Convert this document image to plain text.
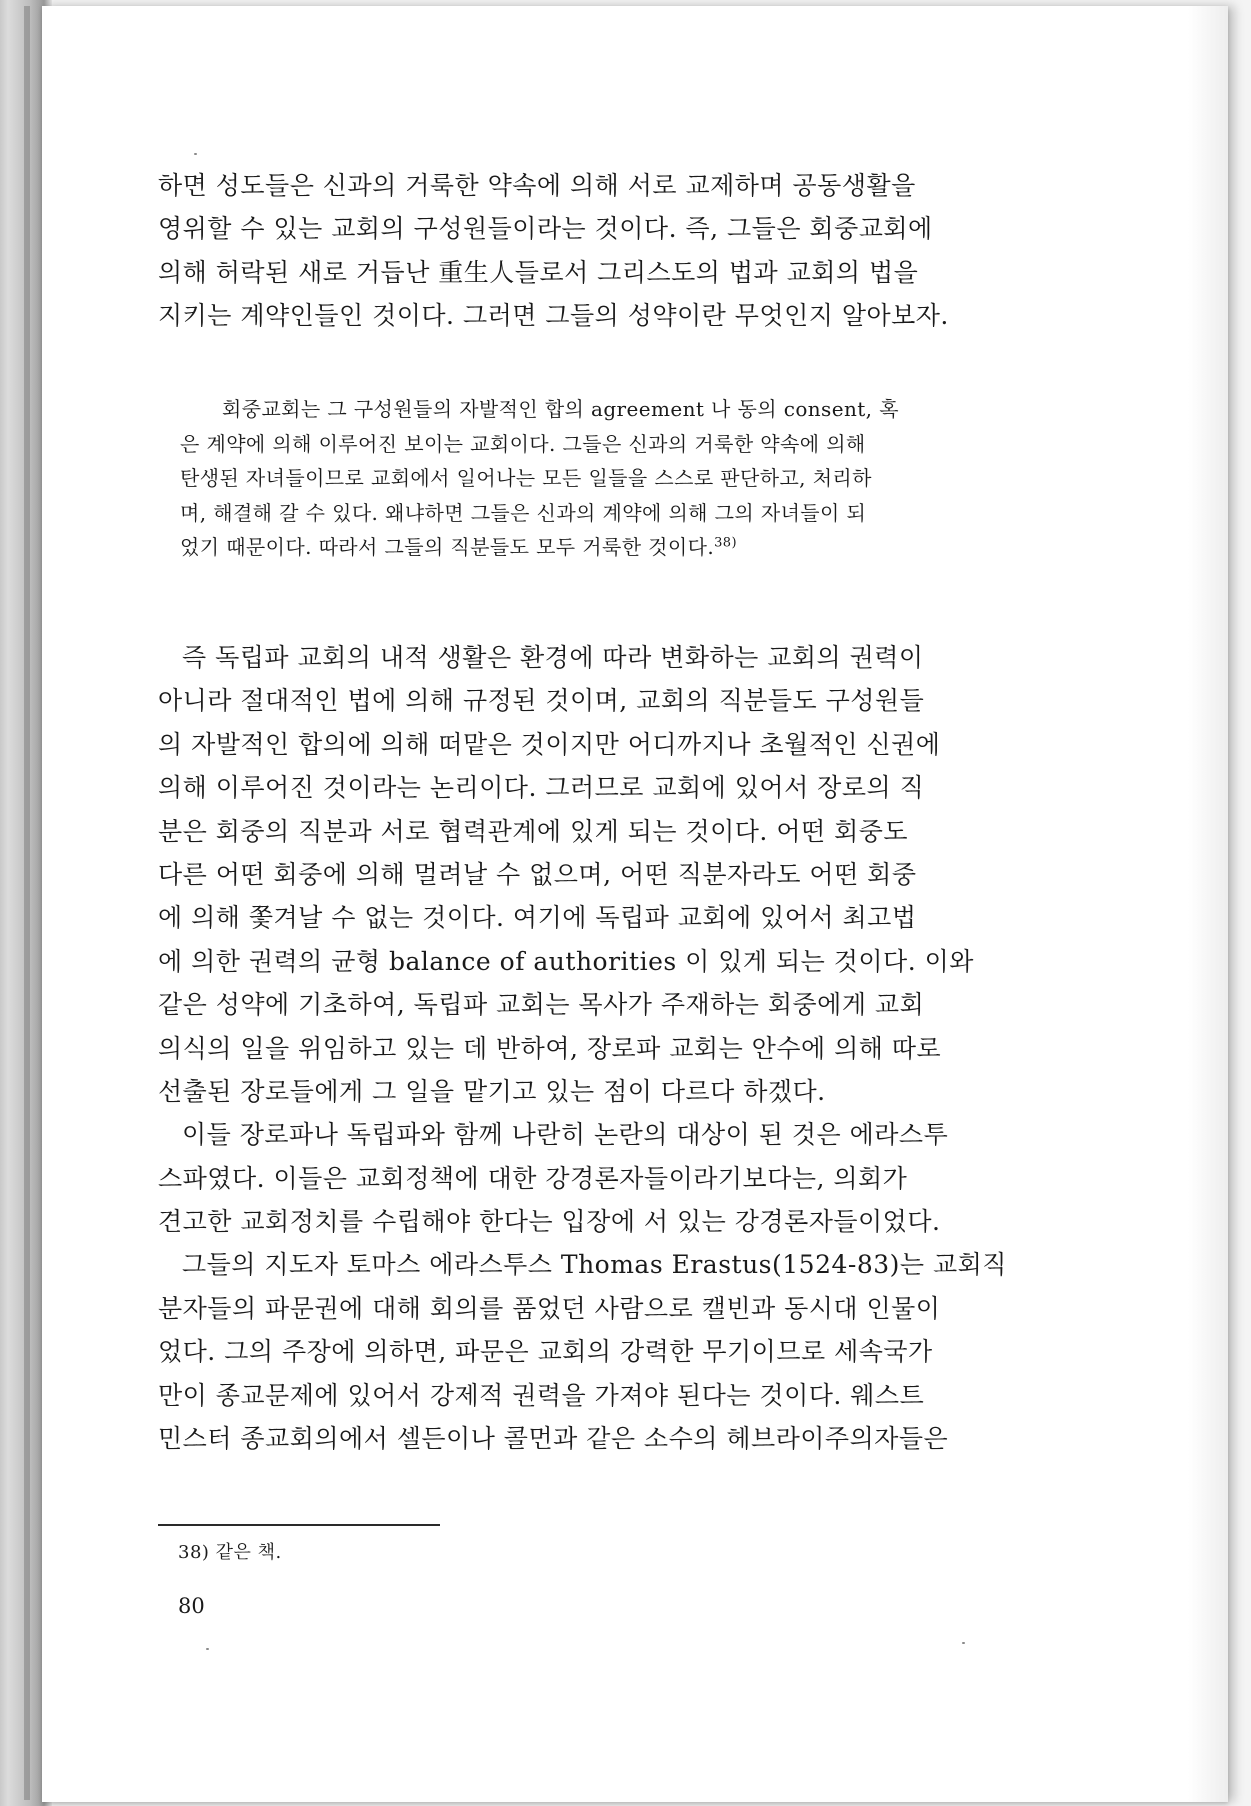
하면 성도들은 신과의 거룩한 약속에 의해 서로 교제하며 공동생활을
영위할 수 있는 교회의 구성원들이라는 것이다. 즉, 그들은 회중교회에
의해 허락된 새로 거듭난 重生人들로서 그리스도의 법과 교회의 법을
지키는 계약인들인 것이다. 그러면 그들의 성약이란 무엇인지 알아보자.
회중교회는 그 구성원들의 자발적인 합의 agreement 나 동의 consent, 혹
은 계약에 의해 이루어진 보이는 교회이다. 그들은 신과의 거룩한 약속에 의해
탄생된 자녀들이므로 교회에서 일어나는 모든 일들을 스스로 판단하고, 처리하
며, 해결해 갈 수 있다. 왜냐하면 그들은 신과의 계약에 의해 그의 자녀들이 되
었기 때문이다. 따라서 그들의 직분들도 모두 거룩한 것이다.$^{38)}$
즉 독립파 교회의 내적 생활은 환경에 따라 변화하는 교회의 권력이
아니라 절대적인 법에 의해 규정된 것이며, 교회의 직분들도 구성원들
의 자발적인 합의에 의해 떠맡은 것이지만 어디까지나 초월적인 신권에
의해 이루어진 것이라는 논리이다. 그러므로 교회에 있어서 장로의 직
분은 회중의 직분과 서로 협력관계에 있게 되는 것이다. 어떤 회중도
다른 어떤 회중에 의해 멀려날 수 없으며, 어떤 직분자라도 어떤 회중
에 의해 쫓겨날 수 없는 것이다. 여기에 독립파 교회에 있어서 최고법
에 의한 권력의 균형 balance of authorities 이 있게 되는 것이다. 이와
같은 성약에 기초하여, 독립파 교회는 목사가 주재하는 회중에게 교회
의식의 일을 위임하고 있는 데 반하여, 장로파 교회는 안수에 의해 따로
선출된 장로들에게 그 일을 맡기고 있는 점이 다르다 하겠다.
이들 장로파나 독립파와 함께 나란히 논란의 대상이 된 것은 에라스투
스파였다. 이들은 교회정책에 대한 강경론자들이라기보다는, 의회가
견고한 교회정치를 수립해야 한다는 입장에 서 있는 강경론자들이었다.
그들의 지도자 토마스 에라스투스 Thomas Erastus(1524-83)는 교회직
분자들의 파문권에 대해 회의를 품었던 사람으로 캘빈과 동시대 인물이
었다. 그의 주장에 의하면, 파문은 교회의 강력한 무기이므로 세속국가
만이 종교문제에 있어서 강제적 권력을 가져야 된다는 것이다. 웨스트
민스터 종교회의에서 셀든이나 콜먼과 같은 소수의 헤브라이주의자들은
38) 같은 책.
80
